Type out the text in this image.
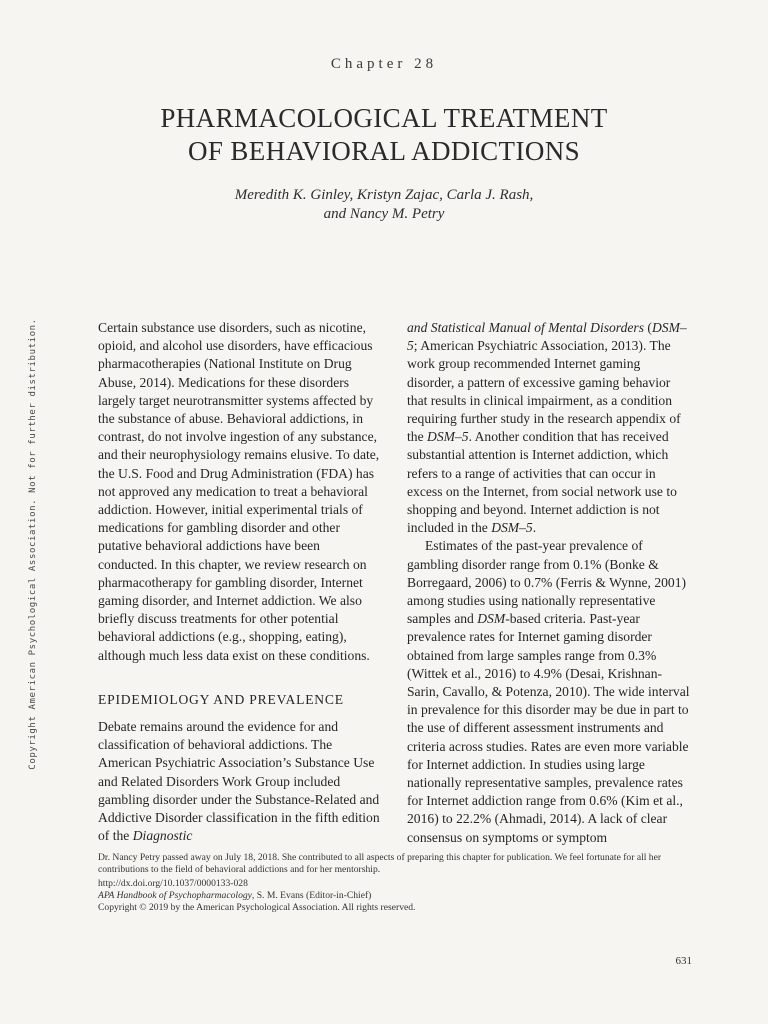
Copyright American Psychological Association. Not for further distribution.
Chapter 28
PHARMACOLOGICAL TREATMENT
OF BEHAVIORAL ADDICTIONS
Meredith K. Ginley, Kristyn Zajac, Carla J. Rash,
and Nancy M. Petry

Certain substance use disorders, such as nicotine, opioid, and alcohol use disorders, have efficacious pharmacotherapies (National Institute on Drug Abuse, 2014). Medications for these disorders largely target neurotransmitter systems affected by the substance of abuse. Behavioral addictions, in contrast, do not involve ingestion of any substance, and their neurophysiology remains elusive. To date, the U.S. Food and Drug Administration (FDA) has not approved any medication to treat a behavioral addiction. However, initial experimental trials of medications for gambling disorder and other putative behavioral addictions have been conducted. In this chapter, we review research on pharmacotherapy for gambling disorder, Internet gaming disorder, and Internet addiction. We also briefly discuss treatments for other potential behavioral addictions (e.g., shopping, eating), although much less data exist on these conditions.

EPIDEMIOLOGY AND PREVALENCE

Debate remains around the evidence for and classification of behavioral addictions. The American Psychiatric Association’s Substance Use and Related Disorders Work Group included gambling disorder under the Substance-Related and Addictive Disorder classification in the fifth edition of the Diagnostic

and Statistical Manual of Mental Disorders (DSM–5; American Psychiatric Association, 2013). The work group recommended Internet gaming disorder, a pattern of excessive gaming behavior that results in clinical impairment, as a condition requiring further study in the research appendix of the DSM–5. Another condition that has received substantial attention is Internet addiction, which refers to a range of activities that can occur in excess on the Internet, from social network use to shopping and beyond. Internet addiction is not included in the DSM–5.

Estimates of the past-year prevalence of gambling disorder range from 0.1% (Bonke & Borregaard, 2006) to 0.7% (Ferris & Wynne, 2001) among studies using nationally representative samples and DSM-based criteria. Past-year prevalence rates for Internet gaming disorder obtained from large samples range from 0.3% (Wittek et al., 2016) to 4.9% (Desai, Krishnan-Sarin, Cavallo, & Potenza, 2010). The wide interval in prevalence for this disorder may be due in part to the use of different assessment instruments and criteria across studies. Rates are even more variable for Internet addiction. In studies using large nationally representative samples, prevalence rates for Internet addiction range from 0.6% (Kim et al., 2016) to 22.2% (Ahmadi, 2014). A lack of clear consensus on symptoms or symptom

Dr. Nancy Petry passed away on July 18, 2018. She contributed to all aspects of preparing this chapter for publication. We feel fortunate for all her contributions to the field of behavioral addictions and for her mentorship.

http://dx.doi.org/10.1037/0000133-028
APA Handbook of Psychopharmacology, S. M. Evans (Editor-in-Chief)
Copyright © 2019 by the American Psychological Association. All rights reserved.
631
